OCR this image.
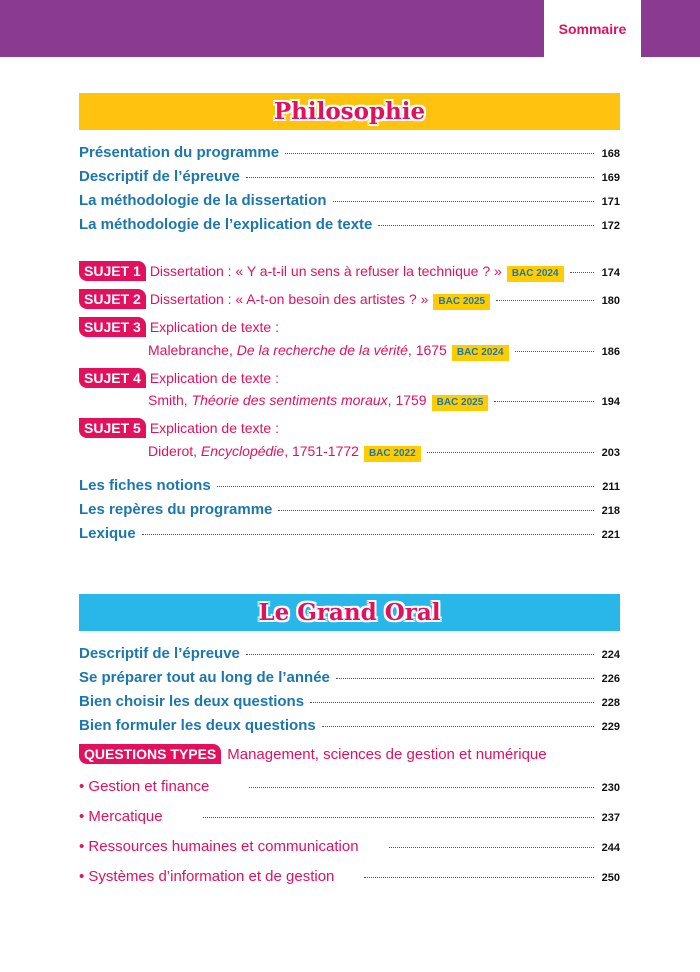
Sommaire
Philosophie
Présentation du programme	168
Descriptif de l’épreuve	169
La méthodologie de la dissertation	171
La méthodologie de l’explication de texte	172
SUJET 1 Dissertation : « Y a-t-il un sens à refuser la technique ? »	BAC 2024	174
SUJET 2 Dissertation : « A-t-on besoin des artistes ? »	BAC 2025	180
SUJET 3 Explication de texte :
Malebranche, De la recherche de la vérité, 1675	BAC 2024	186
SUJET 4 Explication de texte :
Smith, Théorie des sentiments moraux, 1759	BAC 2025	194
SUJET 5 Explication de texte :
Diderot, Encyclopédie, 1751-1772	BAC 2022	203
Les fiches notions	211
Les repères du programme	218
Lexique	221
Le Grand Oral
Descriptif de l’épreuve	224
Se préparer tout au long de l’année	226
Bien choisir les deux questions	228
Bien formuler les deux questions	229
QUESTIONS TYPES Management, sciences de gestion et numérique
• Gestion et finance	230
• Mercatique	237
• Ressources humaines et communication	244
• Systèmes d’information et de gestion	250
